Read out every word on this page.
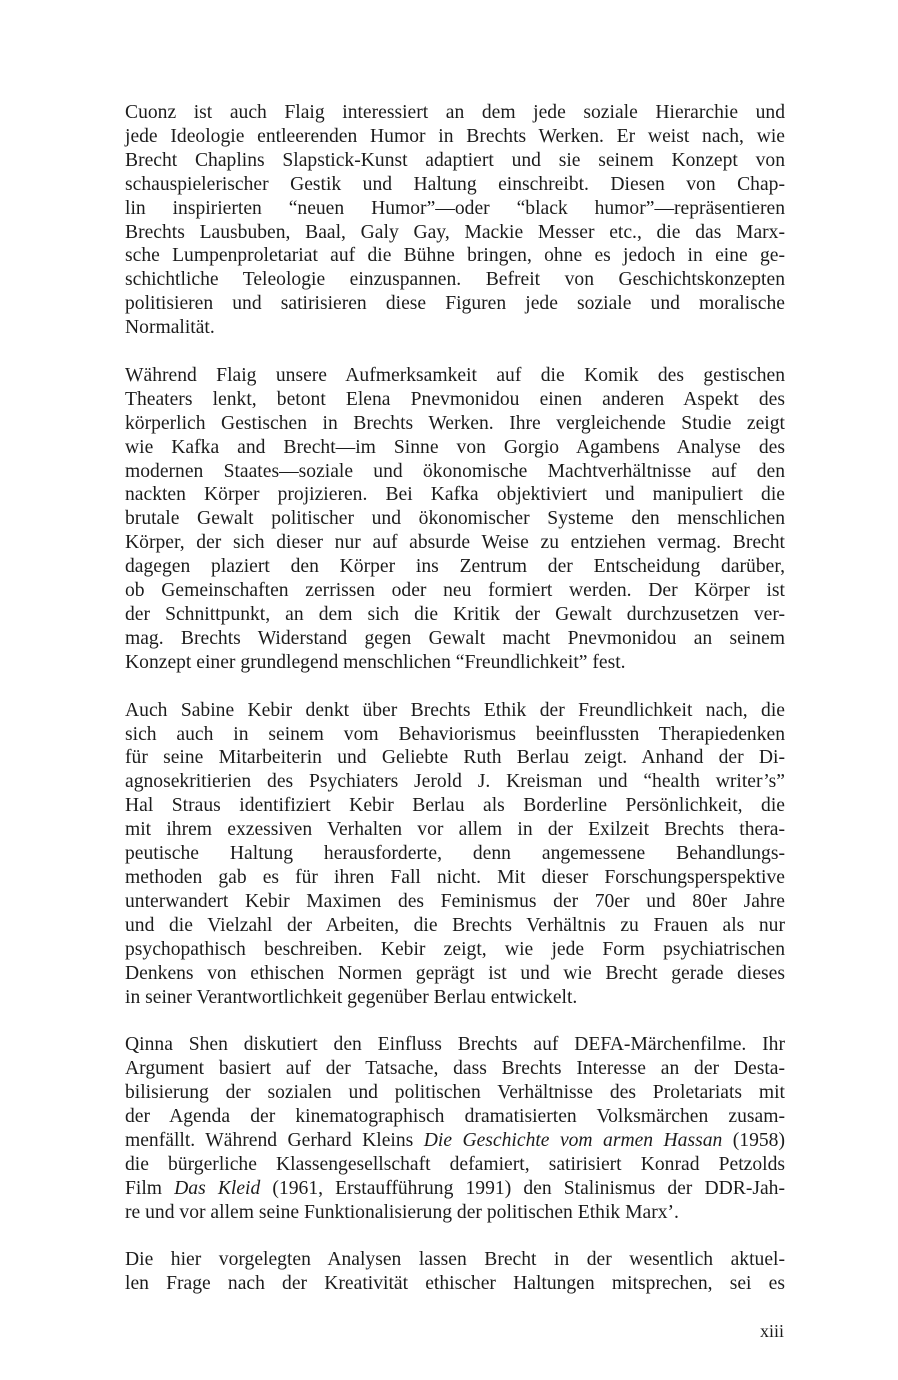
Cuonz ist auch Flaig interessiert an dem jede soziale Hierarchie und
jede Ideologie entleerenden Humor in Brechts Werken. Er weist nach, wie
Brecht Chaplins Slapstick-Kunst adaptiert und sie seinem Konzept von
schauspielerischer Gestik und Haltung einschreibt. Diesen von Chap-
lin inspirierten “neuen Humor”—oder “black humor”—repräsentieren
Brechts Lausbuben, Baal, Galy Gay, Mackie Messer etc., die das Marx-
sche Lumpenproletariat auf die Bühne bringen, ohne es jedoch in eine ge-
schichtliche Teleologie einzuspannen. Befreit von Geschichtskonzepten
politisieren und satirisieren diese Figuren jede soziale und moralische
Normalität.

Während Flaig unsere Aufmerksamkeit auf die Komik des gestischen
Theaters lenkt, betont Elena Pnevmonidou einen anderen Aspekt des
körperlich Gestischen in Brechts Werken. Ihre vergleichende Studie zeigt
wie Kafka and Brecht—im Sinne von Gorgio Agambens Analyse des
modernen Staates—soziale und ökonomische Machtverhältnisse auf den
nackten Körper projizieren. Bei Kafka objektiviert und manipuliert die
brutale Gewalt politischer und ökonomischer Systeme den menschlichen
Körper, der sich dieser nur auf absurde Weise zu entziehen vermag. Brecht
dagegen plaziert den Körper ins Zentrum der Entscheidung darüber,
ob Gemeinschaften zerrissen oder neu formiert werden. Der Körper ist
der Schnittpunkt, an dem sich die Kritik der Gewalt durchzusetzen ver-
mag. Brechts Widerstand gegen Gewalt macht Pnevmonidou an seinem
Konzept einer grundlegend menschlichen “Freundlichkeit” fest.

Auch Sabine Kebir denkt über Brechts Ethik der Freundlichkeit nach, die
sich auch in seinem vom Behaviorismus beeinflussten Therapiedenken
für seine Mitarbeiterin und Geliebte Ruth Berlau zeigt. Anhand der Di-
agnosekritierien des Psychiaters Jerold J. Kreisman und “health writer’s”
Hal Straus identifiziert Kebir Berlau als Borderline Persönlichkeit, die
mit ihrem exzessiven Verhalten vor allem in der Exilzeit Brechts thera-
peutische Haltung herausforderte, denn angemessene Behandlungs-
methoden gab es für ihren Fall nicht. Mit dieser Forschungsperspektive
unterwandert Kebir Maximen des Feminismus der 70er und 80er Jahre
und die Vielzahl der Arbeiten, die Brechts Verhältnis zu Frauen als nur
psychopathisch beschreiben. Kebir zeigt, wie jede Form psychiatrischen
Denkens von ethischen Normen geprägt ist und wie Brecht gerade dieses
in seiner Verantwortlichkeit gegenüber Berlau entwickelt.

Qinna Shen diskutiert den Einfluss Brechts auf DEFA-Märchenfilme. Ihr
Argument basiert auf der Tatsache, dass Brechts Interesse an der Desta-
bilisierung der sozialen und politischen Verhältnisse des Proletariats mit
der Agenda der kinematographisch dramatisierten Volksmärchen zusam-
menfällt. Während Gerhard Kleins Die Geschichte vom armen Hassan (1958)
die bürgerliche Klassengesellschaft defamiert, satirisiert Konrad Petzolds
Film Das Kleid (1961, Erstaufführung 1991) den Stalinismus der DDR-Jah-
re und vor allem seine Funktionalisierung der politischen Ethik Marx’.

Die hier vorgelegten Analysen lassen Brecht in der wesentlich aktuel-
len Frage nach der Kreativität ethischer Haltungen mitsprechen, sei es

xiii
